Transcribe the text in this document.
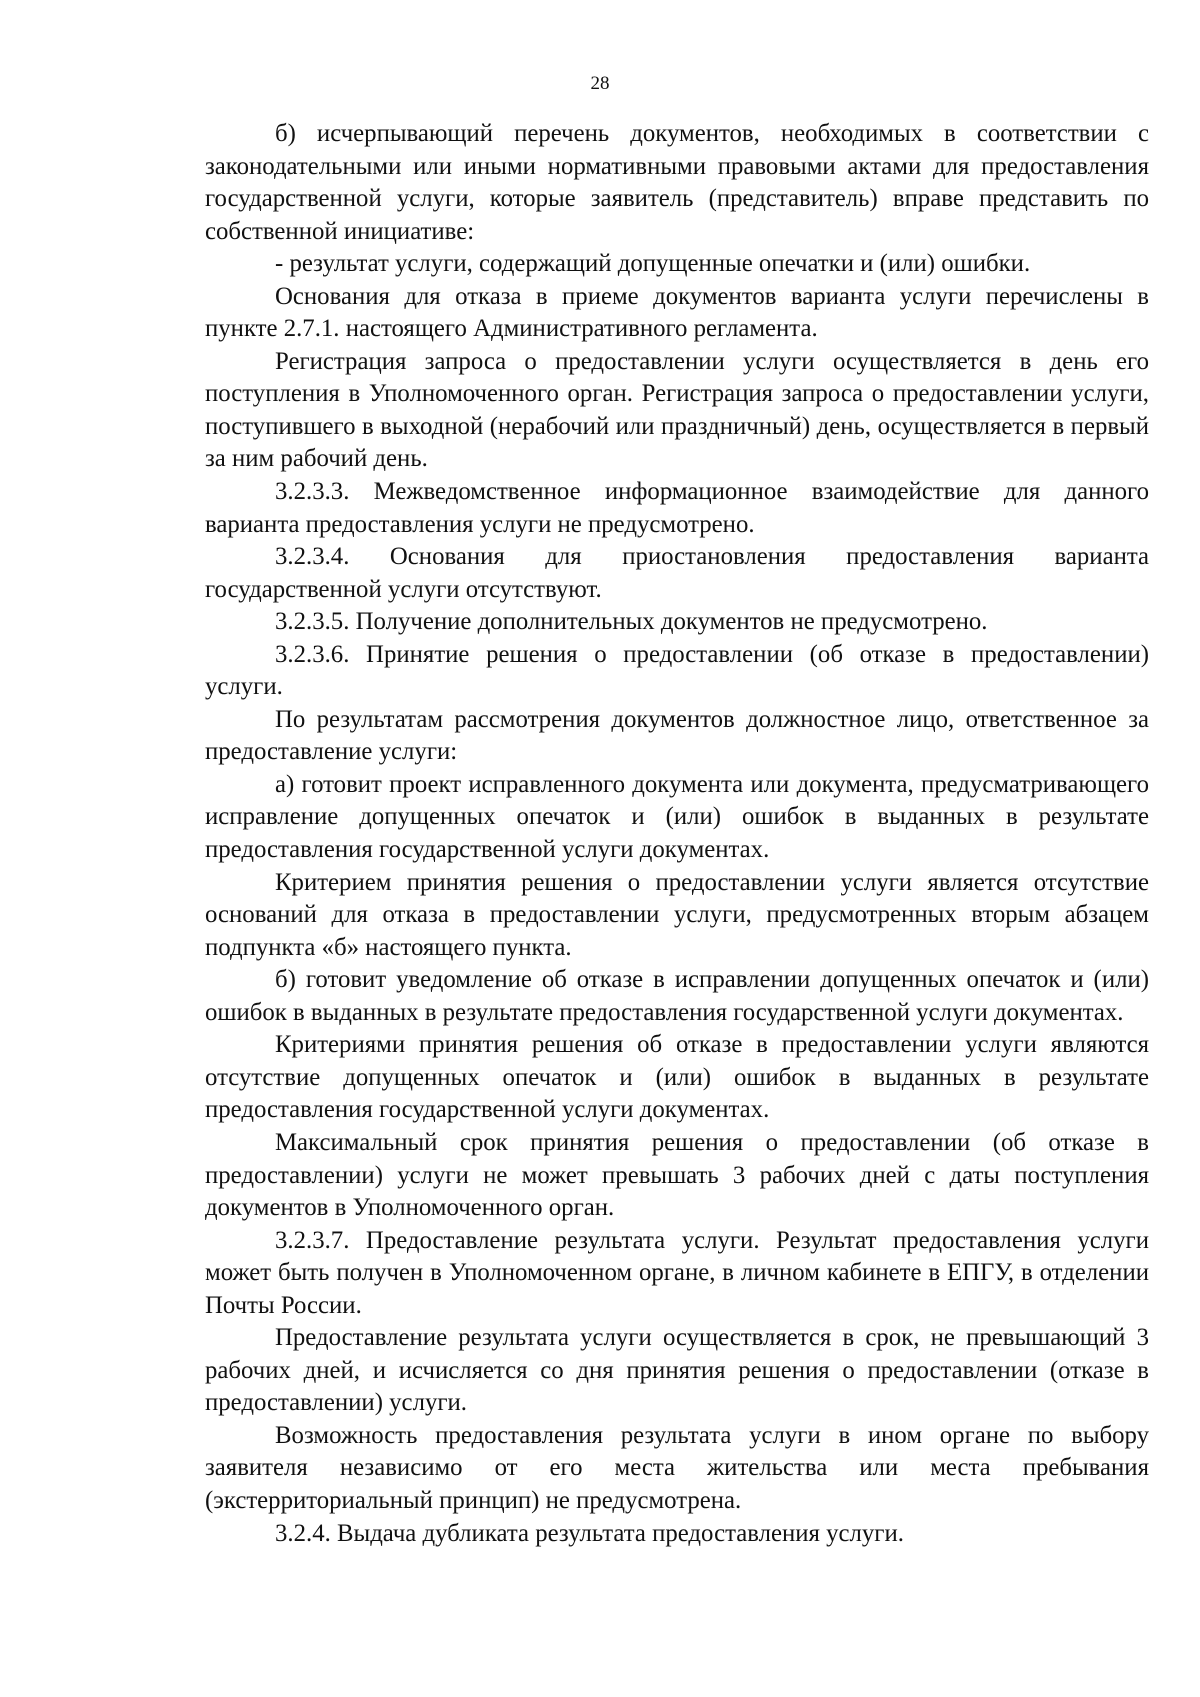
28

б) исчерпывающий перечень документов, необходимых в соответствии с законодательными или иными нормативными правовыми актами для предоставления государственной услуги, которые заявитель (представитель) вправе представить по собственной инициативе:

- результат услуги, содержащий допущенные опечатки и (или) ошибки.

Основания для отказа в приеме документов варианта услуги перечислены в пункте 2.7.1. настоящего Административного регламента.

Регистрация запроса о предоставлении услуги осуществляется в день его поступления в Уполномоченного орган. Регистрация запроса о предоставлении услуги, поступившего в выходной (нерабочий или праздничный) день, осуществляется в первый за ним рабочий день.

3.2.3.3. Межведомственное информационное взаимодействие для данного варианта предоставления услуги не предусмотрено.

3.2.3.4. Основания для приостановления предоставления варианта государственной услуги отсутствуют.

3.2.3.5. Получение дополнительных документов не предусмотрено.

3.2.3.6. Принятие решения о предоставлении (об отказе в предоставлении) услуги.

По результатам рассмотрения документов должностное лицо, ответственное за предоставление услуги:

а) готовит проект исправленного документа или документа, предусматривающего исправление допущенных опечаток и (или) ошибок в выданных в результате предоставления государственной услуги документах.

Критерием принятия решения о предоставлении услуги является отсутствие оснований для отказа в предоставлении услуги, предусмотренных вторым абзацем подпункта «б» настоящего пункта.

б) готовит уведомление об отказе в исправлении допущенных опечаток и (или) ошибок в выданных в результате предоставления государственной услуги документах.

Критериями принятия решения об отказе в предоставлении услуги являются отсутствие допущенных опечаток и (или) ошибок в выданных в результате предоставления государственной услуги документах.

Максимальный срок принятия решения о предоставлении (об отказе в предоставлении) услуги не может превышать 3 рабочих дней с даты поступления документов в Уполномоченного орган.

3.2.3.7. Предоставление результата услуги. Результат предоставления услуги может быть получен в Уполномоченном органе, в личном кабинете в ЕПГУ, в отделении Почты России.

Предоставление результата услуги осуществляется в срок, не превышающий 3 рабочих дней, и исчисляется со дня принятия решения о предоставлении (отказе в предоставлении) услуги.

Возможность предоставления результата услуги в ином органе по выбору заявителя независимо от его места жительства или места пребывания (экстерриториальный принцип) не предусмотрена.

3.2.4. Выдача дубликата результата предоставления услуги.
